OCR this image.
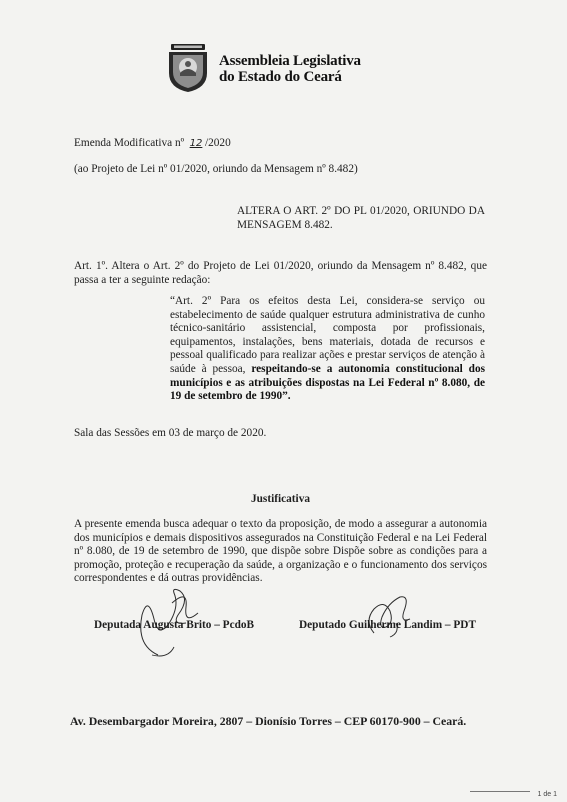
Assembleia Legislativa
do Estado do Ceará
Emenda Modificativa nº 12 /2020
(ao Projeto de Lei nº 01/2020, oriundo da Mensagem nº 8.482)
ALTERA O ART. 2º DO PL 01/2020, ORIUNDO DA MENSAGEM 8.482.
Art. 1º. Altera o Art. 2º do Projeto de Lei 01/2020, oriundo da Mensagem nº 8.482, que passa a ter a seguinte redação:
“Art. 2º Para os efeitos desta Lei, considera-se serviço ou estabelecimento de saúde qualquer estrutura administrativa de cunho técnico-sanitário assistencial, composta por profissionais, equipamentos, instalações, bens materiais, dotada de recursos e pessoal qualificado para realizar ações e prestar serviços de atenção à saúde à pessoa, respeitando-se a autonomia constitucional dos municípios e as atribuições dispostas na Lei Federal nº 8.080, de 19 de setembro de 1990”.
Sala das Sessões em 03 de março de 2020.
Justificativa
A presente emenda busca adequar o texto da proposição, de modo a assegurar a autonomia dos municípios e demais dispositivos assegurados na Constituição Federal e na Lei Federal nº 8.080, de 19 de setembro de 1990, que dispõe sobre Dispõe sobre as condições para a promoção, proteção e recuperação da saúde, a organização e o funcionamento dos serviços correspondentes e dá outras providências.
Deputada Augusta Brito – PcdoB	Deputado Guilherme Landim – PDT
Av. Desembargador Moreira, 2807 – Dionísio Torres – CEP 60170-900 – Ceará.
1 de 1
